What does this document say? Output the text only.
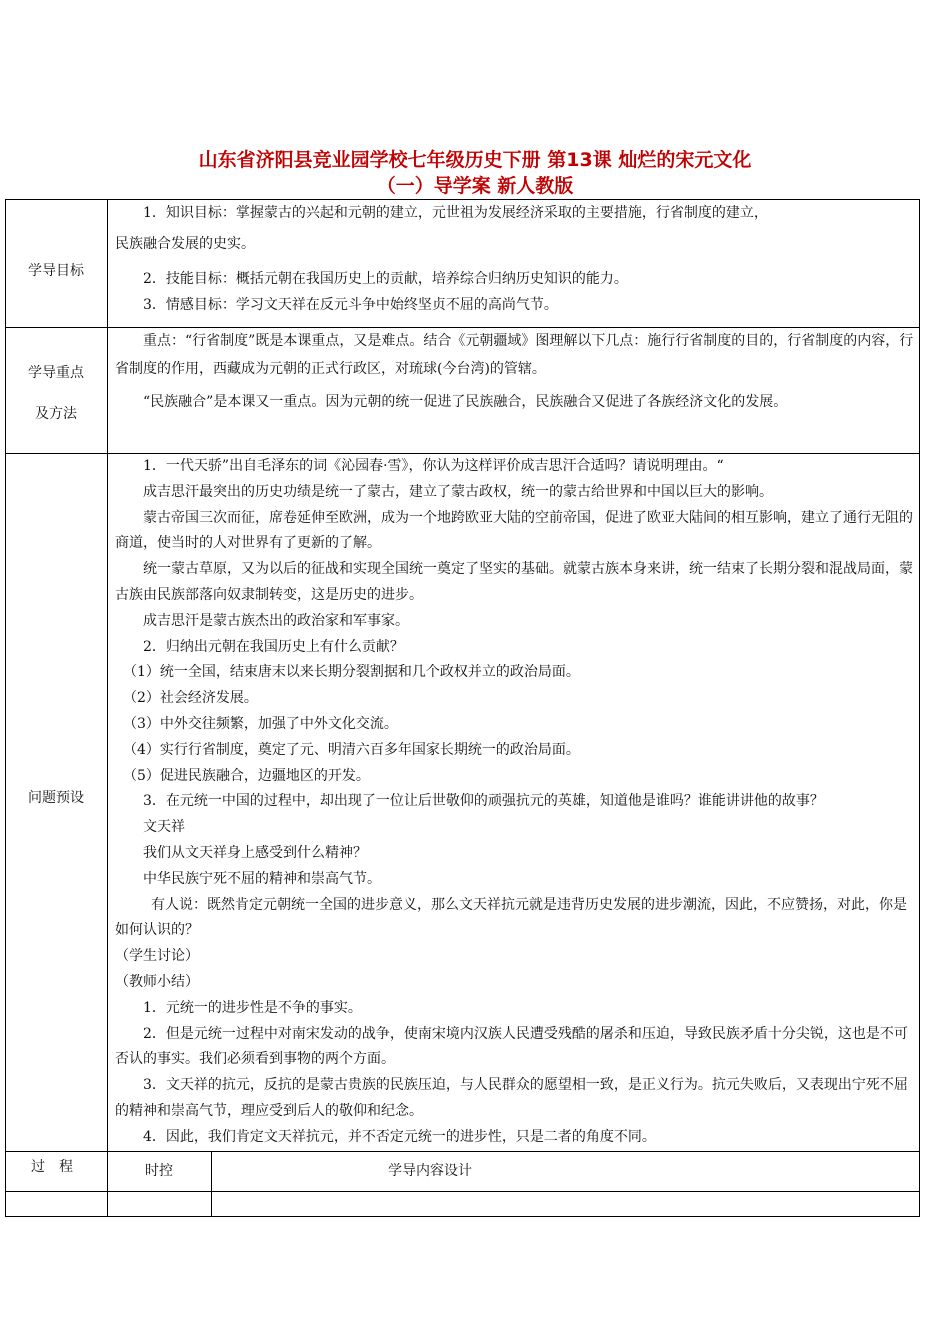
山东省济阳县竞业园学校七年级历史下册 第13课 灿烂的宋元文化
（一）导学案 新人教版
学导目标

1．知识目标：掌握蒙古的兴起和元朝的建立，元世祖为发展经济采取的主要措施，行省制度的建立，

民族融合发展的史实。

2．技能目标：概括元朝在我国历史上的贡献，培养综合归纳历史知识的能力。

3．情感目标：学习文天祥在反元斗争中始终坚贞不屈的高尚气节。

学导重点
及方法

重点：“行省制度”既是本课重点，又是难点。结合《元朝疆域》图理解以下几点：施行行省制度的目的，行省制度的内容，行省制度的作用，西藏成为元朝的正式行政区，对琉球(今台湾)的管辖。

“民族融合”是本课又一重点。因为元朝的统一促进了民族融合，民族融合又促进了各族经济文化的发展。

问题预设

1．一代天骄”出自毛泽东的词《沁园春·雪》，你认为这样评价成吉思汗合适吗？请说明理由。“

成吉思汗最突出的历史功绩是统一了蒙古，建立了蒙古政权，统一的蒙古给世界和中国以巨大的影响。

蒙古帝国三次而征，席卷延伸至欧洲，成为一个地跨欧亚大陆的空前帝国，促进了欧亚大陆间的相互影响，建立了通行无阻的商道，使当时的人对世界有了更新的了解。

统一蒙古草原，又为以后的征战和实现全国统一奠定了坚实的基础。就蒙古族本身来讲，统一结束了长期分裂和混战局面，蒙古族由民族部落向奴隶制转变，这是历史的进步。

成吉思汗是蒙古族杰出的政治家和军事家。

2．归纳出元朝在我国历史上有什么贡献？

（1）统一全国，结束唐末以来长期分裂割据和几个政权并立的政治局面。

（2）社会经济发展。

（3）中外交往频繁，加强了中外文化交流。

（4）实行行省制度，奠定了元、明清六百多年国家长期统一的政治局面。

（5）促进民族融合，边疆地区的开发。

3．在元统一中国的过程中，却出现了一位让后世敬仰的顽强抗元的英雄，知道他是谁吗？谁能讲讲他的故事？

文天祥

我们从文天祥身上感受到什么精神？

中华民族宁死不屈的精神和崇高气节。

有人说：既然肯定元朝统一全国的进步意义，那么文天祥抗元就是违背历史发展的进步潮流，因此，不应赞扬，对此，你是如何认识的？

（学生讨论）

（教师小结）

1．元统一的进步性是不争的事实。

2．但是元统一过程中对南宋发动的战争，使南宋境内汉族人民遭受残酷的屠杀和压迫，导致民族矛盾十分尖锐，这也是不可否认的事实。我们必须看到事物的两个方面。

3．文天祥的抗元，反抗的是蒙古贵族的民族压迫，与人民群众的愿望相一致，是正义行为。抗元失败后，又表现出宁死不屈的精神和崇高气节，理应受到后人的敬仰和纪念。

4．因此，我们肯定文天祥抗元，并不否定元统一的进步性，只是二者的角度不同。

过　程	时控	学导内容设计
